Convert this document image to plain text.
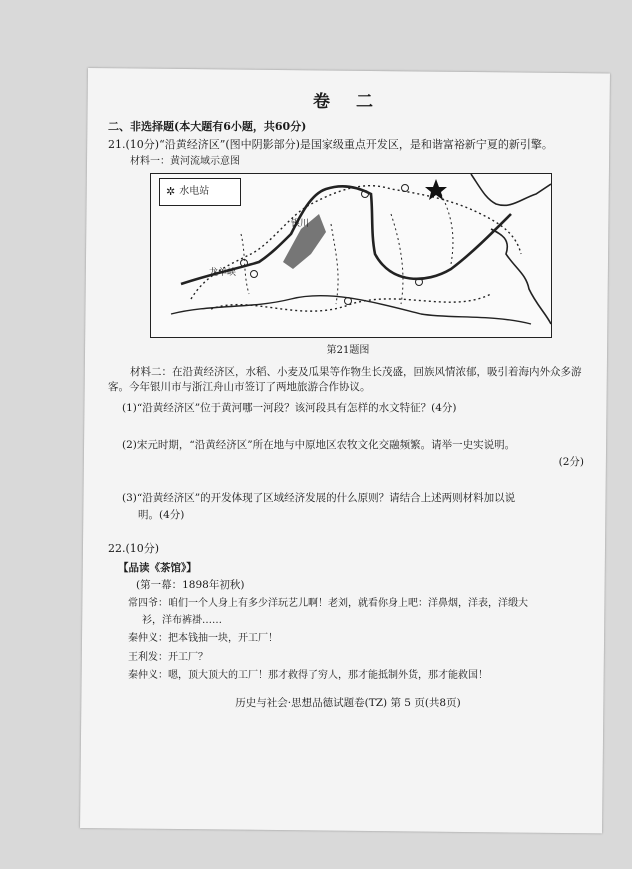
卷 二
二、非选择题(本大题有6小题，共60分)
21.(10分)“沿黄经济区”(图中阴影部分)是国家级重点开发区，是和谐富裕新宁夏的新引擎。
材料一：黄河流域示意图
✲ 水电站
银川
龙羊峡
第21题图
材料二：在沿黄经济区，水稻、小麦及瓜果等作物生长茂盛，回族风情浓郁，吸引着海内外众多游客。今年银川市与浙江舟山市签订了两地旅游合作协议。
(1)“沿黄经济区”位于黄河哪一河段？该河段具有怎样的水文特征？(4分)
(2)宋元时期，“沿黄经济区”所在地与中原地区农牧文化交融频繁。请举一史实说明。
(2分)
(3)“沿黄经济区”的开发体现了区域经济发展的什么原则？请结合上述两则材料加以说
明。(4分)
22.(10分)
【品读《茶馆》】
(第一幕：1898年初秋)
常四爷：咱们一个人身上有多少洋玩艺儿啊！老刘，就看你身上吧：洋鼻烟，洋表，洋缎大
衫，洋布裤褂……
秦仲义：把本钱抽一块，开工厂！
王利发：开工厂？
秦仲义：嗯，顶大顶大的工厂！那才救得了穷人，那才能抵制外货，那才能救国！
历史与社会·思想品德试题卷(TZ) 第 5 页(共8页)
